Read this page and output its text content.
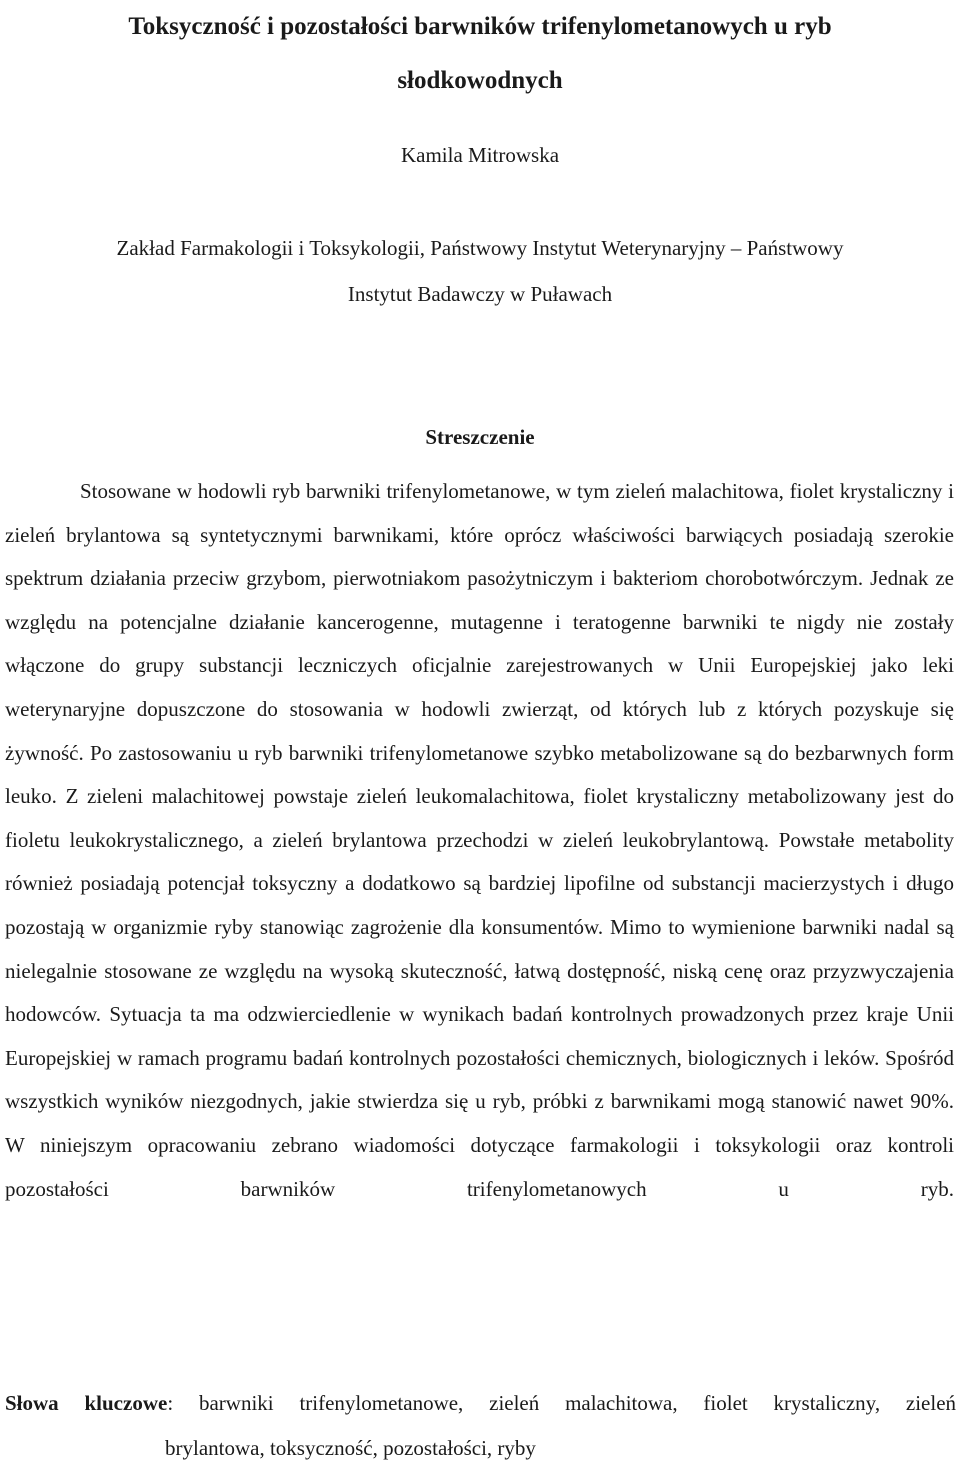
Toksyczność i pozostałości barwników trifenylometanowych u ryb
słodkowodnych
Kamila Mitrowska
Zakład Farmakologii i Toksykologii, Państwowy Instytut Weterynaryjny – Państwowy
Instytut Badawczy w Puławach
Streszczenie

Stosowane w hodowli ryb barwniki trifenylometanowe, w tym zieleń malachitowa, fiolet krystaliczny i zieleń brylantowa są syntetycznymi barwnikami, które oprócz właściwości barwiących posiadają szerokie spektrum działania przeciw grzybom, pierwotniakom pasożytniczym i bakteriom chorobotwórczym. Jednak ze względu na potencjalne działanie kancerogenne, mutagenne i teratogenne barwniki te nigdy nie zostały włączone do grupy substancji leczniczych oficjalnie zarejestrowanych w Unii Europejskiej jako leki weterynaryjne dopuszczone do stosowania w hodowli zwierząt, od których lub z których pozyskuje się żywność. Po zastosowaniu u ryb barwniki trifenylometanowe szybko metabolizowane są do bezbarwnych form leuko. Z zieleni malachitowej powstaje zieleń leukomalachitowa, fiolet krystaliczny metabolizowany jest do fioletu leukokrystalicznego, a zieleń brylantowa przechodzi w zieleń leukobrylantową. Powstałe metabolity również posiadają potencjał toksyczny a dodatkowo są bardziej lipofilne od substancji macierzystych i długo pozostają w organizmie ryby stanowiąc zagrożenie dla konsumentów. Mimo to wymienione barwniki nadal są nielegalnie stosowane ze względu na wysoką skuteczność, łatwą dostępność, niską cenę oraz przyzwyczajenia hodowców. Sytuacja ta ma odzwierciedlenie w wynikach badań kontrolnych prowadzonych przez kraje Unii Europejskiej w ramach programu badań kontrolnych pozostałości chemicznych, biologicznych i leków. Spośród wszystkich wyników niezgodnych, jakie stwierdza się u ryb, próbki z barwnikami mogą stanowić nawet 90%. W niniejszym opracowaniu zebrano wiadomości dotyczące farmakologii i toksykologii oraz kontroli pozostałości barwników trifenylometanowych u ryb.

Słowa kluczowe: barwniki trifenylometanowe, zieleń malachitowa, fiolet krystaliczny, zieleń
brylantowa, toksyczność, pozostałości, ryby
